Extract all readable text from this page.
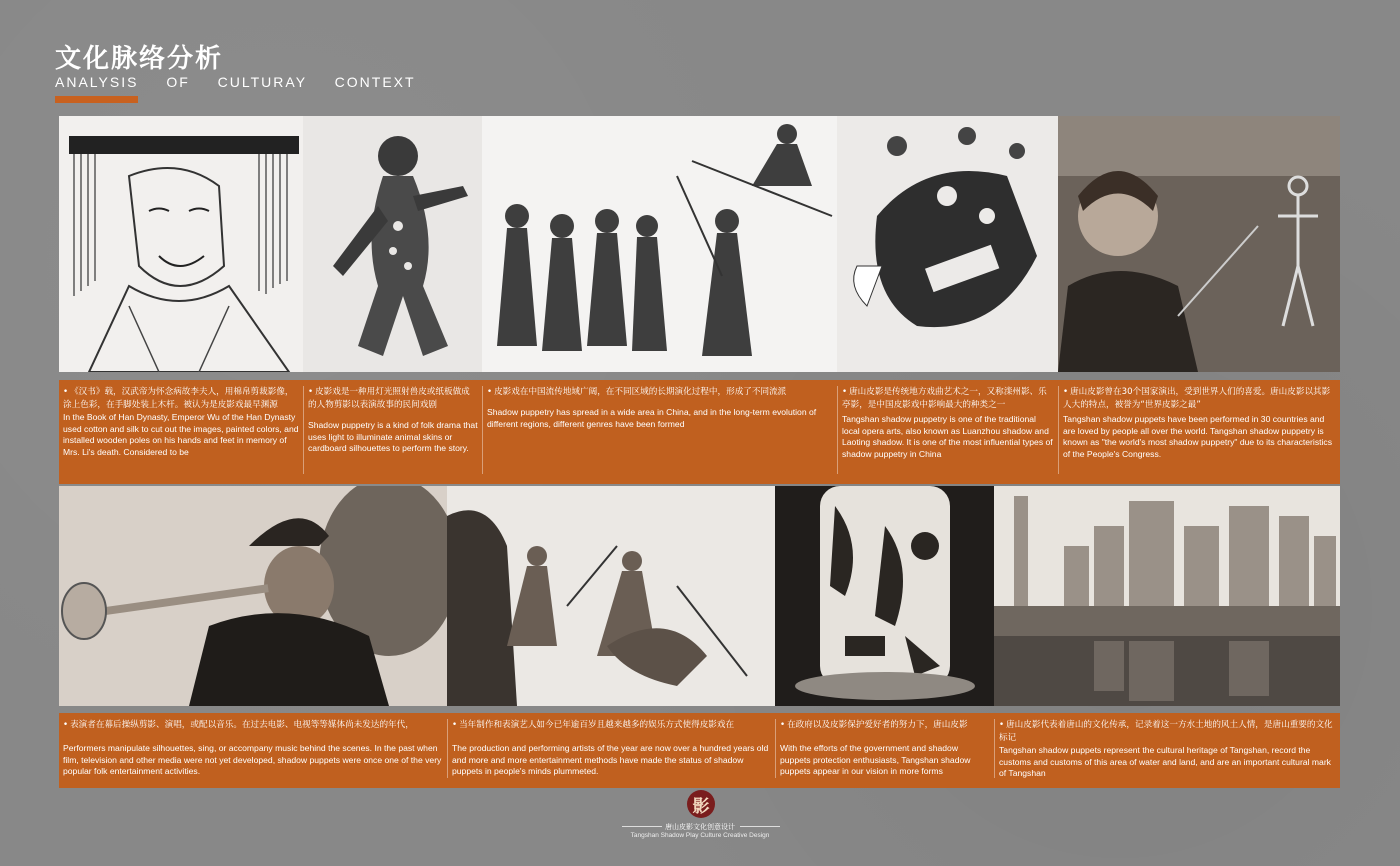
文化脉络分析
ANALYSIS OF CULTURAY CONTEXT
• 《汉书》载，汉武帝为怀念病故李夫人，用棉帛剪裁影像，涂上色彩，在手脚处装上木杆。被认为是皮影戏最早渊源
In the Book of Han Dynasty, Emperor Wu of the Han Dynasty used cotton and silk to cut out the images, painted colors, and installed wooden poles on his hands and feet in memory of Mrs. Li's death. Considered to be
• 皮影戏是一种用灯光照射兽皮或纸板做成的人物剪影以表演故事的民间戏剧
Shadow puppetry is a kind of folk drama that uses light to illuminate animal skins or cardboard silhouettes to perform the story.
• 皮影戏在中国流传地域广阔，在不同区域的长期演化过程中，形成了不同流派
Shadow puppetry has spread in a wide area in China, and in the long-term evolution of different regions, different genres have been formed
• 唐山皮影是传统地方戏曲艺术之一，又称滦州影、乐亭影，是中国皮影戏中影响最大的种类之一
Tangshan shadow puppetry is one of the traditional local opera arts, also known as Luanzhou shadow and Laoting shadow. It is one of the most influential types of shadow puppetry in China
• 唐山皮影曾在30个国家演出，受到世界人们的喜爱。唐山皮影以其影人大的特点，被誉为“世界皮影之最”
Tangshan shadow puppets have been performed in 30 countries and are loved by people all over the world. Tangshan shadow puppetry is known as "the world's most shadow puppetry" due to its characteristics of the People's Congress.
• 表演者在幕后操纵剪影、演唱，或配以音乐。在过去电影、电视等等媒体尚未发达的年代，
Performers manipulate silhouettes, sing, or accompany music behind the scenes. In the past when film, television and other media were not yet developed, shadow puppets were once one of the very popular folk entertainment activities.
• 当年制作和表演艺人如今已年逾百岁且越来越多的娱乐方式使得皮影戏在
The production and performing artists of the year are now over a hundred years old and more and more entertainment methods have made the status of shadow puppets in people's minds plummeted.
• 在政府以及皮影保护爱好者的努力下，唐山皮影
With the efforts of the government and shadow puppets protection enthusiasts, Tangshan shadow puppets appear in our vision in more forms
• 唐山皮影代表着唐山的文化传承，记录着这一方水土地的风土人情，是唐山重要的文化标记
Tangshan shadow puppets represent the cultural heritage of Tangshan, record the customs and customs of this area of water and land, and are an important cultural mark of Tangshan
影
唐山皮影文化创意设计
Tangshan Shadow Play Culture Creative Design
